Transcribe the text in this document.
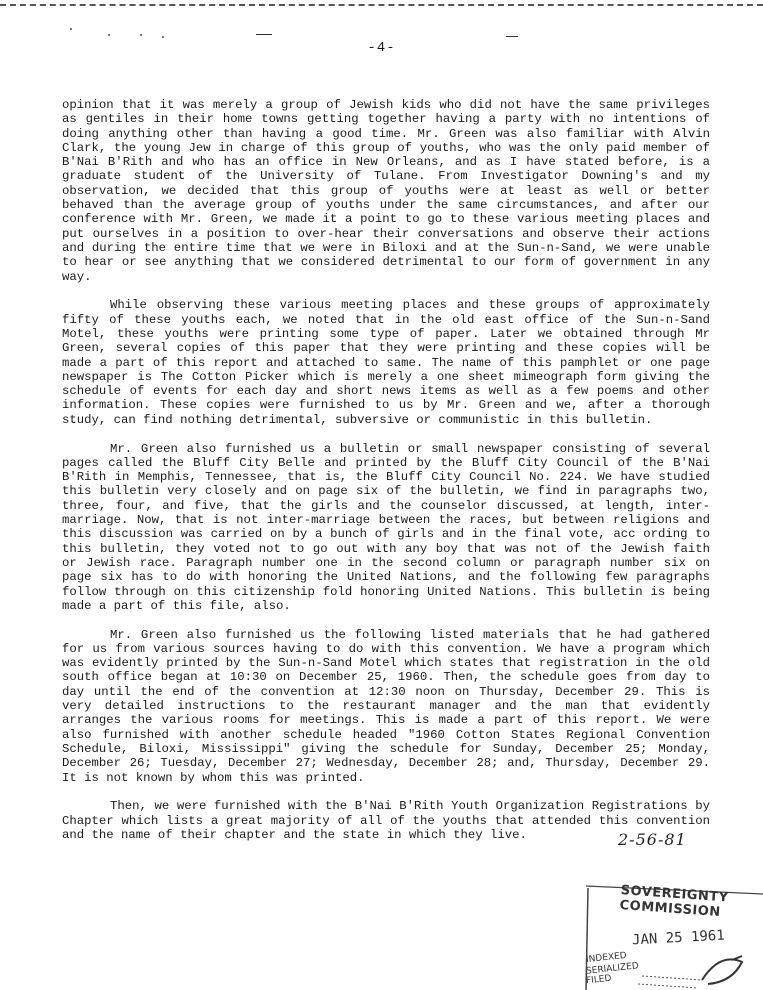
-4-

opinion that it was merely a group of Jewish kids who did not have the same privileges as gentiles in their home towns getting together having a party with no intentions of doing anything other than having a good time. Mr. Green was also familiar with Alvin Clark, the young Jew in charge of this group of youths, who was the only paid member of B'Nai B'Rith and who has an office in New Orleans, and as I have stated before, is a graduate student of the University of Tulane. From Investigator Downing's and my observation, we decided that this group of youths were at least as well or better behaved than the average group of youths under the same circumstances, and after our conference with Mr. Green, we made it a point to go to these various meeting places and put ourselves in a position to over-hear their conversations and observe their actions and during the entire time that we were in Biloxi and at the Sun-n-Sand, we were unable to hear or see anything that we considered detrimental to our form of government in any way.

While observing these various meeting places and these groups of approximately fifty of these youths each, we noted that in the old east office of the Sun-n-Sand Motel, these youths were printing some type of paper. Later we obtained through Mr Green, several copies of this paper that they were printing and these copies will be made a part of this report and attached to same. The name of this pamphlet or one page newspaper is The Cotton Picker which is merely a one sheet mimeograph form giving the schedule of events for each day and short news items as well as a few poems and other information. These copies were furnished to us by Mr. Green and we, after a thorough study, can find nothing detrimental, subversive or communistic in this bulletin.

Mr. Green also furnished us a bulletin or small newspaper consisting of several pages called the Bluff City Belle and printed by the Bluff City Council of the B'Nai B'Rith in Memphis, Tennessee, that is, the Bluff City Council No. 224. We have studied this bulletin very closely and on page six of the bulletin, we find in paragraphs two, three, four, and five, that the girls and the counselor discussed, at length, inter-marriage. Now, that is not inter-marriage between the races, but between religions and this discussion was carried on by a bunch of girls and in the final vote, acc ording to this bulletin, they voted not to go out with any boy that was not of the Jewish faith or Jewish race. Paragraph number one in the second column or paragraph number six on page six has to do with honoring the United Nations, and the following few paragraphs follow through on this citizenship fold honoring United Nations. This bulletin is being made a part of this file, also.

Mr. Green also furnished us the following listed materials that he had gathered for us from various sources having to do with this convention. We have a program which was evidently printed by the Sun-n-Sand Motel which states that registration in the old south office began at 10:30 on December 25, 1960. Then, the schedule goes from day to day until the end of the convention at 12:30 noon on Thursday, December 29. This is very detailed instructions to the restaurant manager and the man that evidently arranges the various rooms for meetings. This is made a part of this report. We were also furnished with another schedule headed "1960 Cotton States Regional Convention Schedule, Biloxi, Mississippi" giving the schedule for Sunday, December 25; Monday, December 26; Tuesday, December 27; Wednesday, December 28; and, Thursday, December 29. It is not known by whom this was printed.

Then, we were furnished with the B'Nai B'Rith Youth Organization Registrations by Chapter which lists a great majority of all of the youths that attended this convention and the name of their chapter and the state in which they live.	2-56-81
SOVEREIGNTY COMMISSION
JAN 25 1961
INDEXED
SERIALIZED
FILED
